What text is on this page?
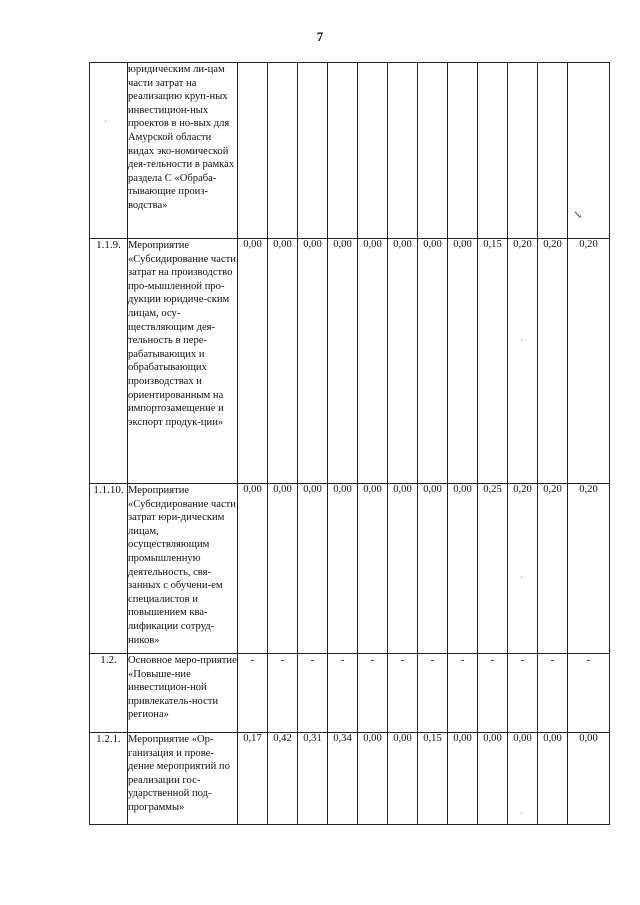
7
	юридическим ли-цам части затрат на реализацию круп-ных инвестицион-ных проектов в но-вых для Амурской области видах эко-номической дея-тельности в рамках раздела С «Обраба-тывающие произ-водства»												
1.1.9.	Мероприятие «Субсидирование части затрат на производство про-мышленной про-дукции юридиче-ским лицам, осу-ществляющим дея-тельность в пере-рабатывающих и обрабатывающих производствах и ориентированным на импортозамещение и экспорт продук-ции»	0,00	0,00	0,00	0,00	0,00	0,00	0,00	0,00	0,15	0,20	0,20	0,20
1.1.10.	Мероприятие «Субсидирование части затрат юри-дическим лицам, осуществляющим промышленную деятельность, свя-занных с обучени-ем специалистов и повышением ква-лификации сотруд-ников»	0,00	0,00	0,00	0,00	0,00	0,00	0,00	0,00	0,25	0,20	0,20	0,20
1.2.	Основное меро-приятие «Повыше-ние инвестицион-ной привлекатель-ности региона»	-	-	-	-	-	-	-	-	-	-	-	-
1.2.1.	Мероприятие «Ор-ганизация и прове-дение мероприятий по реализации гос-ударственной под-программы»	0,17	0,42	0,31	0,34	0,00	0,00	0,15	0,00	0,00	0,00	0,00	0,00
·
↘
·
·
·
